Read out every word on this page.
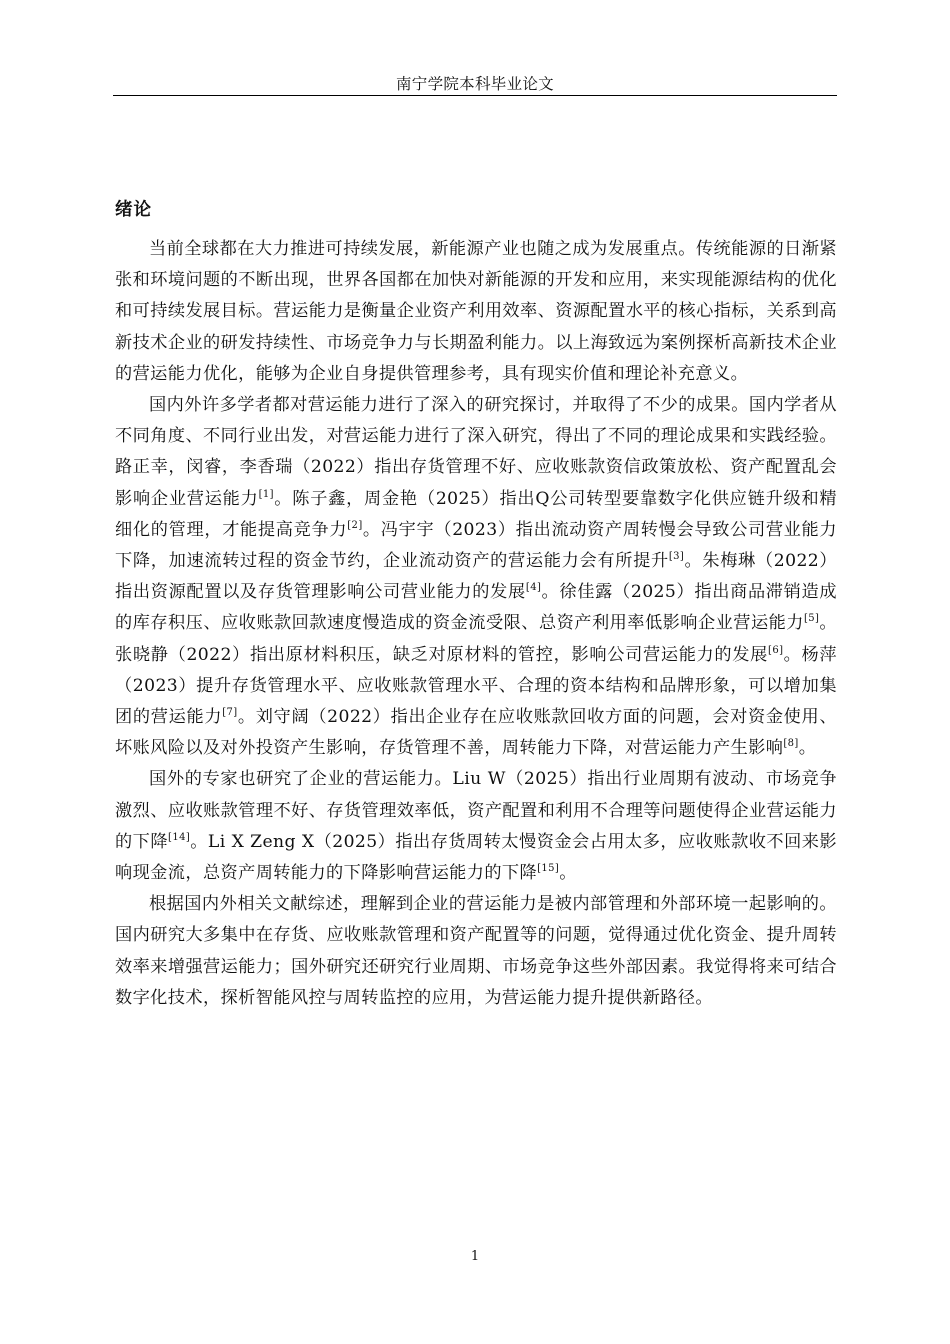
南宁学院本科毕业论文
绪论

当前全球都在大力推进可持续发展，新能源产业也随之成为发展重点。传统能源的日渐紧张和环境问题的不断出现，世界各国都在加快对新能源的开发和应用，来实现能源结构的优化和可持续发展目标。营运能力是衡量企业资产利用效率、资源配置水平的核心指标，关系到高新技术企业的研发持续性、市场竞争力与长期盈利能力。以上海致远为案例探析高新技术企业的营运能力优化，能够为企业自身提供管理参考，具有现实价值和理论补充意义。

国内外许多学者都对营运能力进行了深入的研究探讨，并取得了不少的成果。国内学者从不同角度、不同行业出发，对营运能力进行了深入研究，得出了不同的理论成果和实践经验。路正幸，闵睿，李香瑞（2022）指出存货管理不好、应收账款资信政策放松、资产配置乱会影响企业营运能力[1]。陈子鑫，周金艳（2025）指出Q公司转型要靠数字化供应链升级和精细化的管理，才能提高竞争力[2]。冯宇宇（2023）指出流动资产周转慢会导致公司营业能力下降，加速流转过程的资金节约，企业流动资产的营运能力会有所提升[3]。朱梅琳（2022）指出资源配置以及存货管理影响公司营业能力的发展[4]。徐佳露（2025）指出商品滞销造成的库存积压、应收账款回款速度慢造成的资金流受限、总资产利用率低影响企业营运能力[5]。张晓静（2022）指出原材料积压，缺乏对原材料的管控，影响公司营运能力的发展[6]。杨萍（2023）提升存货管理水平、应收账款管理水平、合理的资本结构和品牌形象，可以增加集团的营运能力[7]。刘守阔（2022）指出企业存在应收账款回收方面的问题，会对资金使用、坏账风险以及对外投资产生影响，存货管理不善，周转能力下降，对营运能力产生影响[8]。

国外的专家也研究了企业的营运能力。Liu W（2025）指出行业周期有波动、市场竞争激烈、应收账款管理不好、存货管理效率低，资产配置和利用不合理等问题使得企业营运能力的下降[14]。Li X Zeng X（2025）指出存货周转太慢资金会占用太多，应收账款收不回来影响现金流，总资产周转能力的下降影响营运能力的下降[15]。

根据国内外相关文献综述，理解到企业的营运能力是被内部管理和外部环境一起影响的。国内研究大多集中在存货、应收账款管理和资产配置等的问题，觉得通过优化资金、提升周转效率来增强营运能力；国外研究还研究行业周期、市场竞争这些外部因素。我觉得将来可结合数字化技术，探析智能风控与周转监控的应用，为营运能力提升提供新路径。

1
